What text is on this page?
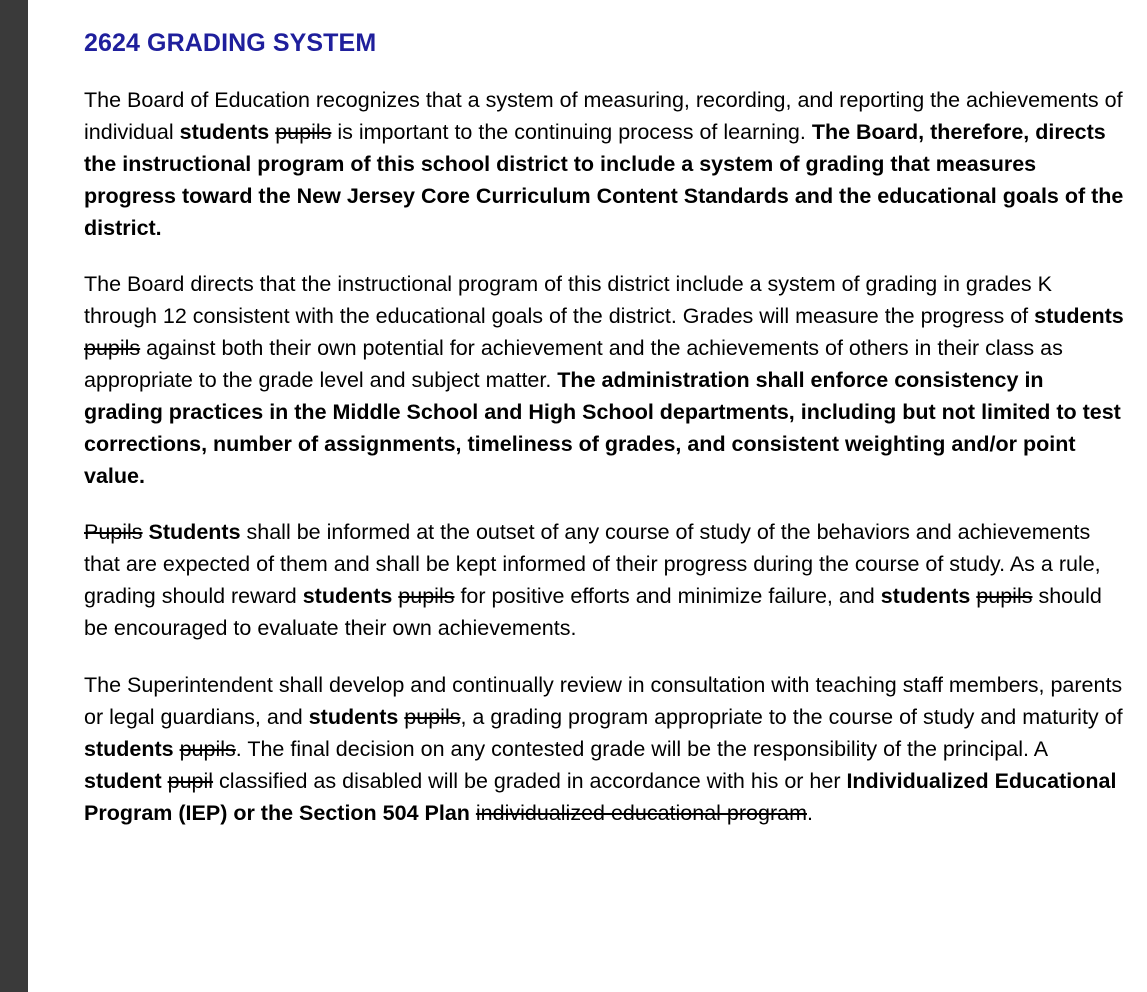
2624 GRADING SYSTEM

The Board of Education recognizes that a system of measuring, recording, and reporting the achievements of individual students pupils is important to the continuing process of learning. The Board, therefore, directs the instructional program of this school district to include a system of grading that measures progress toward the New Jersey Core Curriculum Content Standards and the educational goals of the district.

The Board directs that the instructional program of this district include a system of grading in grades K through 12 consistent with the educational goals of the district. Grades will measure the progress of students pupils against both their own potential for achievement and the achievements of others in their class as appropriate to the grade level and subject matter. The administration shall enforce consistency in grading practices in the Middle School and High School departments, including but not limited to test corrections, number of assignments, timeliness of grades, and consistent weighting and/or point value.

Pupils Students shall be informed at the outset of any course of study of the behaviors and achievements that are expected of them and shall be kept informed of their progress during the course of study. As a rule, grading should reward students pupils for positive efforts and minimize failure, and students pupils should be encouraged to evaluate their own achievements.

The Superintendent shall develop and continually review in consultation with teaching staff members, parents or legal guardians, and students pupils, a grading program appropriate to the course of study and maturity of students pupils. The final decision on any contested grade will be the responsibility of the principal. A student pupil classified as disabled will be graded in accordance with his or her Individualized Educational Program (IEP) or the Section 504 Plan individualized educational program.
